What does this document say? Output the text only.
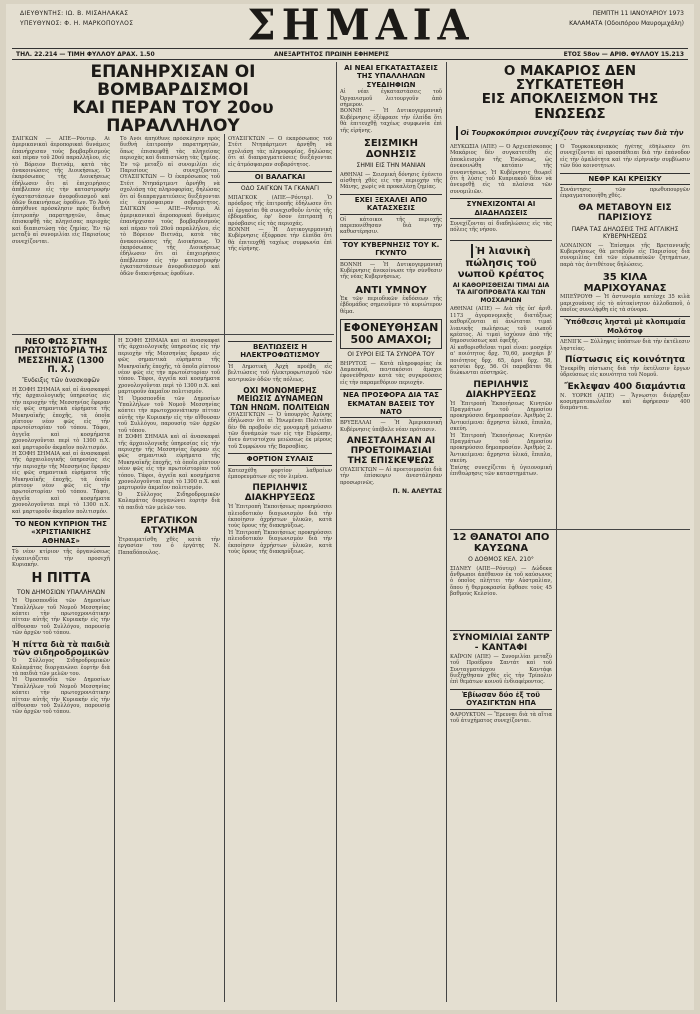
ΔΙΕΥΘΥΝΤΗΣ: ΙΩ. Β. ΜΙΣΑΗΛΑΚΑΣ
ΥΠΕΥΘΥΝΟΣ: Φ. Η. ΜΑΡΚΟΠΟΥΛΟΣ	ΣΗΜΑΙΑ	ΠΕΜΠΤΗ 11 ΙΑΝΟΥΑΡΙΟΥ 1973
ΚΑΛΑΜΑΤΑ (Οδοιπόρου Μαυρομιχάλη)
ΤΗΛ. 22.214 — ΤΙΜΗ ΦΥΛΛΟΥ ΔΡΑΧ. 1.50	ΑΝΕΞΑΡΤΗΤΟΣ ΠΡΩΙΝΗ ΕΦΗΜΕΡΙΣ	ΕΤΟΣ 58ον — ΑΡΙΘ. ΦΥΛΛΟΥ 15.213
ΕΠΑΝΗΡΧΙΣΑΝ ΟΙ ΒΟΜΒΑΡΔΙΣΜΟΙ
ΚΑΙ ΠΕΡΑΝ ΤΟΥ 20ου ΠΑΡΑΛΛΗΛΟΥ
ΣΑΙΓΚΩΝ — ΑΠΕ—Ρόυτερ. Αἱ ἀμερικανικαὶ ἀεροπορικαὶ δυνάμεις ἐπανήρχισαν τοὺς βομβαρδισμοὺς καὶ πέραν τοῦ 20οῦ παραλλήλου, εἰς τὸ Βόρειον Βιετνάμ, κατὰ τὰς ἀνακοινώσεις τῆς Διοικήσεως. Ὁ ἐκπρόσωπος τῆς Διοικήσεως ἐδήλωσεν ὅτι αἱ ἐπιχειρήσεις ἀπέβλεπον εἰς τὴν καταστροφὴν ἐγκαταστάσεων ἀνεφοδιασμοῦ καὶ ὁδῶν διακινήσεως ἐφοδίων. Τὸ Ἀνόι ἀπηύθυνε πρόσκλησιν πρὸς διεθνὴ ἐπιτροπὴν παρατηρητῶν, ὅπως ἐπισκεφθῇ τὰς πληγείσας περιοχὰς καὶ διαπιστώσῃ τὰς ζημίας. Ἐν τῷ μεταξὺ αἱ συνομιλίαι εἰς Παρισίους συνεχίζονται.
Τὸ Ἀνόι ἀπηύθυνε πρόσκλησιν πρὸς διεθνὴ ἐπιτροπὴν παρατηρητῶν, ὅπως ἐπισκεφθῇ τὰς πληγείσας περιοχὰς καὶ διαπιστώσῃ τὰς ζημίας. Ἐν τῷ μεταξὺ αἱ συνομιλίαι εἰς Παρισίους συνεχίζονται. ΟΥΑΣΙΓΚΤΩΝ — Ὁ ἐκπρόσωπος τοῦ Στέιτ Ντηπάρτμεντ ἀρνήθη νὰ σχολιάσῃ τὰς πληροφορίας, δηλώσας ὅτι αἱ διαπραγματεύσεις διεξάγονται εἰς ἀτμόσφαιραν σοβαρότητος. ΣΑΙΓΚΩΝ — ΑΠΕ—Ρόυτερ. Αἱ ἀμερικανικαὶ ἀεροπορικαὶ δυνάμεις ἐπανήρχισαν τοὺς βομβαρδισμοὺς καὶ πέραν τοῦ 20οῦ παραλλήλου, εἰς τὸ Βόρειον Βιετνάμ, κατὰ τὰς ἀνακοινώσεις τῆς Διοικήσεως. Ὁ ἐκπρόσωπος τῆς Διοικήσεως ἐδήλωσεν ὅτι αἱ ἐπιχειρήσεις ἀπέβλεπον εἰς τὴν καταστροφὴν ἐγκαταστάσεων ἀνεφοδιασμοῦ καὶ ὁδῶν διακινήσεως ἐφοδίων.
ΟΥΑΣΙΓΚΤΩΝ — Ὁ ἐκπρόσωπος τοῦ Στέιτ Ντηπάρτμεντ ἀρνήθη νὰ σχολιάσῃ τὰς πληροφορίας, δηλώσας ὅτι αἱ διαπραγματεύσεις διεξάγονται εἰς ἀτμόσφαιραν σοβαρότητος.
ΟΙ ΒΑΛΑΓΚΑΙ
ΟΔΟ ΣΑΙΓΚΩΝ ΤΑ ΓΚΑΝΑΓΙ
ΜΠΑΓΚΟΚ (ΑΠΕ—Ρόυτερ). Ὁ πρόεδρος τῆς ἐπιτροπῆς ἐδήλωσεν ὅτι αἱ ἐργασίαι θὰ συνεχισθοῦν ἐντὸς τῆς ἑβδομάδος, ἐφ' ὅσον ἐπιτραπῇ ἡ πρόσβασις εἰς τὰς περιοχάς.
ΒΟΝΝΗ — Ἡ Δυτικογερμανικὴ Κυβέρνησις ἐξέφρασε τὴν ἐλπίδα ὅτι θὰ ἐπιτευχθῇ ταχέως συμφωνία ἐπὶ τῆς εἰρήνης.
ΝΕΟ ΦΩΣ ΣΤΗΝ ΠΡΩΤΟΙΣΤΟΡΙΑ ΤΗΣ ΜΕΣΣΗΝΙΑΣ (1300 Π. Χ.)
Ἔνδειξις τῶν ἀνασκαφῶν
Η ΣΟΦΗ ΣΗΜΑΙΑ καὶ αἱ ἀνασκαφαὶ τῆς ἀρχαιολογικῆς ὑπηρεσίας εἰς τὴν περιοχὴν τῆς Μεσσηνίας ἔφεραν εἰς φῶς σημαντικὰ εὑρήματα τῆς Μυκηναϊκῆς ἐποχῆς, τὰ ὁποῖα ρίπτουν νέον φῶς εἰς τὴν πρωτοϊστορίαν τοῦ τόπου. Τάφοι, ἀγγεῖα καὶ κοσμήματα χρονολογοῦνται περὶ τὸ 1300 π.Χ. καὶ μαρτυροῦν ἀκμαῖον πολιτισμόν.
Η ΣΟΦΗ ΣΗΜΑΙΑ καὶ αἱ ἀνασκαφαὶ τῆς ἀρχαιολογικῆς ὑπηρεσίας εἰς τὴν περιοχὴν τῆς Μεσσηνίας ἔφεραν εἰς φῶς σημαντικὰ εὑρήματα τῆς Μυκηναϊκῆς ἐποχῆς, τὰ ὁποῖα ρίπτουν νέον φῶς εἰς τὴν πρωτοϊστορίαν τοῦ τόπου. Τάφοι, ἀγγεῖα καὶ κοσμήματα χρονολογοῦνται περὶ τὸ 1300 π.Χ. καὶ μαρτυροῦν ἀκμαῖον πολιτισμόν.
ΤΟ ΝΕΟΝ ΚΥΠΡΙΟΝ ΤΗΣ «ΧΡΙΣΤΙΑΝΙΚΗΣ ΑΘΗΝΑΣ»
Τὸ νέον κτίριον τῆς ὀργανώσεως ἐγκαινιάζεται τὴν προσεχῆ Κυριακήν.
Η ΠΙΤΤΑ
ΤΟΝ ΔΗΜΟΣΙΩΝ ΥΠΑΛΛΗΛΩΝ
Ἡ Ὁμοσπονδία τῶν Δημοσίων Ὑπαλλήλων τοῦ Νομοῦ Μεσσηνίας κόπτει τὴν πρωτοχρονιάτικην πίτταν αὐτῆς τὴν Κυριακήν εἰς τὴν αἴθουσαν τοῦ Συλλόγου, παρουσίᾳ τῶν ἀρχῶν τοῦ τόπου.
Ἡ πίττα διὰ τὰ παιδιὰ τῶν σιδηροδρομικῶν
Ὁ Σύλλογος Σιδηροδρομικῶν Καλαμάτας διοργανώνει ἑορτὴν διὰ τὰ παιδιὰ τῶν μελῶν του.
Ἡ Ὁμοσπονδία τῶν Δημοσίων Ὑπαλλήλων τοῦ Νομοῦ Μεσσηνίας κόπτει τὴν πρωτοχρονιάτικην πίτταν αὐτῆς τὴν Κυριακήν εἰς τὴν αἴθουσαν τοῦ Συλλόγου, παρουσίᾳ τῶν ἀρχῶν τοῦ τόπου.
Η ΣΟΦΗ ΣΗΜΑΙΑ καὶ αἱ ἀνασκαφαὶ τῆς ἀρχαιολογικῆς ὑπηρεσίας εἰς τὴν περιοχὴν τῆς Μεσσηνίας ἔφεραν εἰς φῶς σημαντικὰ εὑρήματα τῆς Μυκηναϊκῆς ἐποχῆς, τὰ ὁποῖα ρίπτουν νέον φῶς εἰς τὴν πρωτοϊστορίαν τοῦ τόπου. Τάφοι, ἀγγεῖα καὶ κοσμήματα χρονολογοῦνται περὶ τὸ 1300 π.Χ. καὶ μαρτυροῦν ἀκμαῖον πολιτισμόν.
Ἡ Ὁμοσπονδία τῶν Δημοσίων Ὑπαλλήλων τοῦ Νομοῦ Μεσσηνίας κόπτει τὴν πρωτοχρονιάτικην πίτταν αὐτῆς τὴν Κυριακήν εἰς τὴν αἴθουσαν τοῦ Συλλόγου, παρουσίᾳ τῶν ἀρχῶν τοῦ τόπου.
Η ΣΟΦΗ ΣΗΜΑΙΑ καὶ αἱ ἀνασκαφαὶ τῆς ἀρχαιολογικῆς ὑπηρεσίας εἰς τὴν περιοχὴν τῆς Μεσσηνίας ἔφεραν εἰς φῶς σημαντικὰ εὑρήματα τῆς Μυκηναϊκῆς ἐποχῆς, τὰ ὁποῖα ρίπτουν νέον φῶς εἰς τὴν πρωτοϊστορίαν τοῦ τόπου. Τάφοι, ἀγγεῖα καὶ κοσμήματα χρονολογοῦνται περὶ τὸ 1300 π.Χ. καὶ μαρτυροῦν ἀκμαῖον πολιτισμόν.
Ὁ Σύλλογος Σιδηροδρομικῶν Καλαμάτας διοργανώνει ἑορτὴν διὰ τὰ παιδιὰ τῶν μελῶν του.
ΕΡΓΑΤΙΚΟΝ ΑΤΥΧΗΜΑ
Ἐτραυματίσθη χθὲς κατὰ τὴν ἐργασίαν του ὁ ἐργάτης Ν. Παπαδόπουλος.
ΒΕΛΤΙΩΣΕΙΣ Η ΗΛΕΚΤΡΟΦΩΤΙΣΜΟΥ
Ἡ Δημοτικὴ Ἀρχὴ προέβη εἰς βελτιώσεις τοῦ ἠλεκτροφωτισμοῦ τῶν κεντρικῶν ὁδῶν τῆς πόλεως.
ΟΧΙ ΜΟΝΟΜΕΡΗΣ ΜΕΙΩΣΙΣ ΔΥΝΑΜΕΩΝ ΤΩΝ ΗΝΩΜ. ΠΟΛΙΤΕΙΩΝ
ΟΥΑΣΙΓΚΤΩΝ — Ὁ ὑπουργὸς Ἀμύνης ἐδήλωσεν ὅτι αἱ Ἡνωμέναι Πολιτεῖαι δὲν θὰ προβοῦν εἰς μονομερῆ μείωσιν τῶν δυνάμεών των εἰς τὴν Εὐρώπην, ἄνευ ἀντιστοίχου μειώσεως ἐκ μέρους τοῦ Συμφώνου τῆς Βαρσοβίας.
ΦΟΡΤΙΟΝ ΣΥΛΑΙΣ
Κατεσχέθη φορτίον λαθραίων ἐμπορευμάτων εἰς τὸν λιμένα.
ΠΕΡΙΛΗΨΙΣ ΔΙΑΚΗΡΥΞΕΩΣ
Ἡ Ἐπιτροπὴ Ἐκποιήσεως προκηρύσσει πλειοδοτικὸν διαγωνισμὸν διὰ τὴν ἐκποίησιν ἀχρήστων ὑλικῶν, κατὰ τοὺς ὅρους τῆς διακηρύξεως.
Ἡ Ἐπιτροπὴ Ἐκποιήσεως προκηρύσσει πλειοδοτικὸν διαγωνισμὸν διὰ τὴν ἐκποίησιν ἀχρήστων ὑλικῶν, κατὰ τοὺς ὅρους τῆς διακηρύξεως.
ΑΙ ΝΕΑΙ ΕΓΚΑΤΑΣΤΑΣΕΙΣ ΤΗΣ ΥΠΑΛΛΗΛΩΝ ΣΥΕΔΙΗΦΙΩΝ
Αἱ νέαι ἐγκαταστάσεις τοῦ Ὀργανισμοῦ λειτουργοῦν ἀπὸ σήμερον.
ΒΟΝΝΗ — Ἡ Δυτικογερμανικὴ Κυβέρνησις ἐξέφρασε τὴν ἐλπίδα ὅτι θὰ ἐπιτευχθῇ ταχέως συμφωνία ἐπὶ τῆς εἰρήνης.
ΣΕΙΣΜΙΚΗ ΔΟΝΗΣΙΣ
ΣΗΜΙΙ ΕΙΣ ΤΗΝ ΜΑΝΙΑΝ
ΑΘΗΝΑΙ — Σεισμικὴ δόνησις ἐγένετο αἰσθητὴ χθὲς εἰς τὴν περιοχὴν τῆς Μάνης, χωρὶς νὰ προκαλέσῃ ζημίας.
ΕΧΕΙ ΞΕΧΑΛΕΙ ΑΠΟ ΚΑΤΑΣΧΕΣΙΣ
Οἱ κάτοικοι τῆς περιοχῆς παρεπονέθησαν διὰ τὴν καθυστέρησιν.
ΤΟΥ ΚΥΒΕΡΝΗΣΙΣ ΤΟΥ Κ. ΓΚΥΝΤΟ
ΒΟΝΝΗ — Ἡ Δυτικογερμανικὴ Κυβέρνησις ἀνεκοίνωσε τὴν σύνθεσιν τῆς νέας Κυβερνήσεως.
ΑΝΤΙ ΥΜΝΟΥ
Ἐκ τῶν περιοδικῶν ἐκδόσεων τῆς ἑβδομάδος σημειοῦμεν τὸ κυριώτερον θέμα.
ΕΦΟΝΕΥΘΗΣΑΝ 500 ΑΜΑΧΟΙ;
ΟΙ ΣΥΡΟΙ ΕΙΣ ΤΑ ΣΥΝΟΡΑ ΤΟΥ
ΒΗΡΥΤΟΣ — Κατὰ πληροφορίας ἐκ Δαμασκοῦ, πεντακόσιοι ἄμαχοι ἐφονεύθησαν κατὰ τὰς συγκρούσεις εἰς τὴν παραμεθόριον περιοχήν.
ΝΕΑ ΠΡΟΣΦΟΡΑ ΔΙΑ ΤΑΣ ΕΚΜΑΤΑΝ ΒΑΣΕΙΣ ΤΟΥ ΝΑΤΟ
ΒΡΥΞΕΛΛΑΙ — Ἡ Ἀμερικανικὴ Κυβέρνησις ὑπέβαλε νέαν πρότασιν.
ΑΝΕΣΤΑΛΗΣΑΝ ΑΙ ΠΡΟΕΤΟΙΜΑΣΙΑΙ ΤΗΣ ΕΠΙΣΚΕΨΕΩΣ
ΟΥΑΣΙΓΚΤΩΝ — Αἱ προετοιμασίαι διὰ τὴν ἐπίσκεψιν ἀνεστάλησαν προσωρινῶς.
Π. Ν. ΑΛΕΥΤΑΣ
Ο ΜΑΚΑΡΙΟΣ ΔΕΝ ΣΥΓΚΑΤΕΤΕΘΗ
ΕΙΣ ΑΠΟΚΛΕΙΣΜΟΝ ΤΗΣ ΕΝΩΣΕΩΣ
Οἱ Τουρκοκύπριοι συνεχίζουν τὰς ἐνεργείας των διὰ τὴν
ΛΕΥΚΩΣΙΑ (ΑΠΕ) — Ὁ Ἀρχιεπίσκοπος Μακάριος δὲν συγκατετέθη εἰς ἀποκλεισμὸν τῆς Ἑνώσεως, ὡς ἀνεκοινώθη κατόπιν τῆς συναντήσεως. Ἡ Κυβέρνησις θεωρεῖ ὅτι ἡ λύσις τοῦ Κυπριακοῦ δέον νὰ ἀνευρεθῇ εἰς τὰ πλαίσια τῶν συνομιλιῶν.
ΣΥΝΕΧΙΖΟΝΤΑΙ ΑΙ ΔΙΑΔΗΛΩΣΕΙΣ
Συνεχίζονται αἱ διαδηλώσεις εἰς τὰς πόλεις τῆς νήσου.
Ἡ λιανικὴ πώλησις τοῦ νωποῦ κρέατος
ΑΙ ΚΑΘΟΡΙΣΘΕΙΣΑΙ ΤΙΜΑΙ ΔΙΑ ΤΑ ΑΙΓΟΠΡΟΒΑΤΑ ΚΑΙ ΤΩΝ ΜΟΣΧΑΡΙΩΝ
ΑΘΗΝΑΙ (ΑΠΕ) — Διὰ τῆς ὑπ' ἀριθ. 1173 ἀγορανομικῆς διατάξεως καθορίζονται αἱ ἀνώταται τιμαὶ λιανικῆς πωλήσεως τοῦ νωποῦ κρέατος. Αἱ τιμαὶ ἰσχύουν ἀπὸ τῆς δημοσιεύσεως καὶ ἐφεξῆς.
Αἱ καθορισθεῖσαι τιμαὶ εἶναι: μοσχάρι α' ποιότητος δρχ. 70,60, μοσχάρι β' ποιότητος δρχ. 65, ἀρνὶ δρχ. 58, κατσίκι δρχ. 56. Οἱ παραβάται θὰ διώκωνται αὐστηρῶς.
ΠΕΡΙΛΗΨΙΣ ΔΙΑΚΗΡΥΞΕΩΣ
Ἡ Ἐπιτροπὴ Ἐκποιήσεως Κινητῶν Πραγμάτων τοῦ Δημοσίου προκηρύσσει δημοπρασίαν. Ἀριθμὸς 2. Ἀντικείμενα: ἄχρηστα ὑλικά, ἔπιπλα, σκεύη.
Ἡ Ἐπιτροπὴ Ἐκποιήσεως Κινητῶν Πραγμάτων τοῦ Δημοσίου προκηρύσσει δημοπρασίαν. Ἀριθμὸς 2. Ἀντικείμενα: ἄχρηστα ὑλικά, ἔπιπλα, σκεύη.
Ἐπίσης συνεχίζεται ἡ ὑγειονομικὴ ἐπιθεώρησις τῶν καταστημάτων.
Ὁ Τουρκοκυπριακὸς ἡγέτης ἐδήλωσεν ὅτι συνεχίζονται αἱ προσπάθειαι διὰ τὴν ἐπάνοδον εἰς τὴν ὁμαλότητα καὶ τὴν εἰρηνικὴν συμβίωσιν τῶν δύο κοινοτήτων.
ΝΕΦΡ ΚΑΙ ΚΡΕΙΣΚΥ
Συνάντησις τῶν πρωθυπουργῶν ἐπραγματοποιήθη χθές.
ΘΑ ΜΕΤΑΒΟΥΝ ΕΙΣ ΠΑΡΙΣΙΟΥΣ
ΠΑΡΑ ΤΑΣ ΔΗΛΩΣΕΙΣ ΤΗΣ ΑΓΓΛΙΚΗΣ ΚΥΒΕΡΝΗΣΕΩΣ
ΛΟΝΔΙΝΟΝ — Ἐπίσημοι τῆς Βρεταννικῆς Κυβερνήσεως θὰ μεταβοῦν εἰς Παρισίους διὰ συνομιλίας ἐπὶ τῶν εὐρωπαϊκῶν ζητημάτων, παρὰ τὰς ἀντιθέτους δηλώσεις.
35 ΚΙΛΑ ΜΑΡΙΧΟΥΑΝΑΣ
ΜΠΕΫΡΟΥΘ — Ἡ ἀστυνομία κατέσχε 35 κιλὰ μαριχουάνας εἰς τὸ αὐτοκίνητον ἀλλοδαποῦ, ὁ ὁποῖος συνελήφθη εἰς τὰ σύνορα.
Ὑπόθεσις λησταὶ μὲ κλοπιμαία Μολότοφ
ΛΕΝΙΓΚ — Σύλληψις ὑπόπτων διὰ τὴν ἐκτέλεσιν ληστείας.
Πίστωσις εἰς κοινότητα
Ἐνεκρίθη πίστωσις διὰ τὴν ἐκτέλεσιν ἔργων ὑδρεύσεως εἰς κοινότητα τοῦ Νομοῦ.
Ἔκλεψαν 400 διαμάντια
Ν. ΥΟΡΚΗ (ΑΠΕ) — Ἄγνωστοι διέρρηξαν κοσμηματοπωλεῖον καὶ ἀφήρεσαν 400 διαμάντια.
12 ΘΑΝΑΤΟΙ ΑΠΟ ΚΑΥΣΩΝΑ
Ο ΔΟΘΜΟΣ ΚΕΛ. 210°
ΣΙΔΝΕΥ (ΑΠΕ—Ρόυτερ) — Δώδεκα ἄνθρωποι ἀπέθανον ἐκ τοῦ καύσωνος ὁ ὁποῖος πλήττει τὴν Αὐστραλίαν, ὅπου ἡ θερμοκρασία ἔφθασε τοὺς 45 βαθμοὺς Κελσίου.
ΣΥΝΟΜΙΛΙΑΙ ΣΑΝΤΡ - ΚΑΝΤΑΦΙ
ΚΑΪΡΟΝ (ΑΠΕ) — Συνομιλίαι μεταξὺ τοῦ Προέδρου Σαντάτ καὶ τοῦ Συνταγματάρχου Καντάφι διεξήχθησαν χθὲς εἰς τὴν Τρίπολιν ἐπὶ θεμάτων κοινοῦ ἐνδιαφέροντος.
Ἐβίωσαν δύο ἐξ τοῦ ΟΥΑΣΙΓΚΤΩΝ ΗΠΑ
ΦΑΡΟΥΚΤΟΝ — Ἔρευναι διὰ τὰ αἴτια τοῦ ἀτυχήματος συνεχίζονται.
